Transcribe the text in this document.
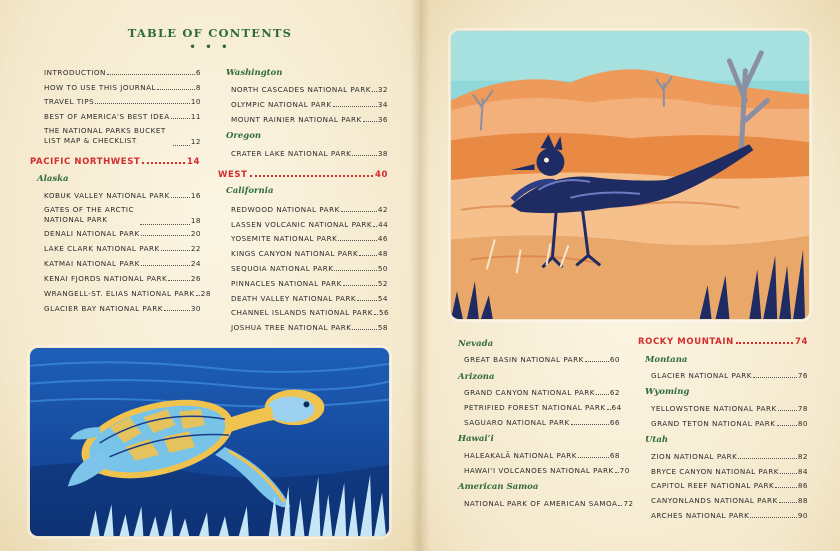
TABLE OF CONTENTS
• • •
INTRODUCTION	6
HOW TO USE THIS JOURNAL	8
TRAVEL TIPS	10
BEST OF AMERICA'S BEST IDEA	11
THE NATIONAL PARKS BUCKET LIST MAP & CHECKLIST	12
PACIFIC NORTHWEST	14
Alaska
KOBUK VALLEY NATIONAL PARK	16
GATES OF THE ARCTIC NATIONAL PARK	18
DENALI NATIONAL PARK	20
LAKE CLARK NATIONAL PARK	22
KATMAI NATIONAL PARK	24
KENAI FJORDS NATIONAL PARK	26
WRANGELL-ST. ELIAS NATIONAL PARK 28
GLACIER BAY NATIONAL PARK	30
Washington
NORTH CASCADES NATIONAL PARK 32
OLYMPIC NATIONAL PARK	34
MOUNT RAINIER NATIONAL PARK 36
Oregon
CRATER LAKE NATIONAL PARK	38
WEST	40
California
REDWOOD NATIONAL PARK	42
LASSEN VOLCANIC NATIONAL PARK 44
YOSEMITE NATIONAL PARK	46
KINGS CANYON NATIONAL PARK	48
SEQUOIA NATIONAL PARK	50
PINNACLES NATIONAL PARK	52
DEATH VALLEY NATIONAL PARK	54
CHANNEL ISLANDS NATIONAL PARK 56
JOSHUA TREE NATIONAL PARK	58
Nevada
GREAT BASIN NATIONAL PARK	60
Arizona
GRAND CANYON NATIONAL PARK 62
PETRIFIED FOREST NATIONAL PARK 64
SAGUARO NATIONAL PARK	66
Hawai‘i
HALEAKALĀ NATIONAL PARK	68
HAWAI‘I VOLCANOES NATIONAL PARK 70
American Samoa
NATIONAL PARK OF AMERICAN SAMOA 72
ROCKY MOUNTAIN	74
Montana
GLACIER NATIONAL PARK	76
Wyoming
YELLOWSTONE NATIONAL PARK	78
GRAND TETON NATIONAL PARK	80
Utah
ZION NATIONAL PARK	82
BRYCE CANYON NATIONAL PARK	84
CAPITOL REEF NATIONAL PARK	86
CANYONLANDS NATIONAL PARK	88
ARCHES NATIONAL PARK	90
